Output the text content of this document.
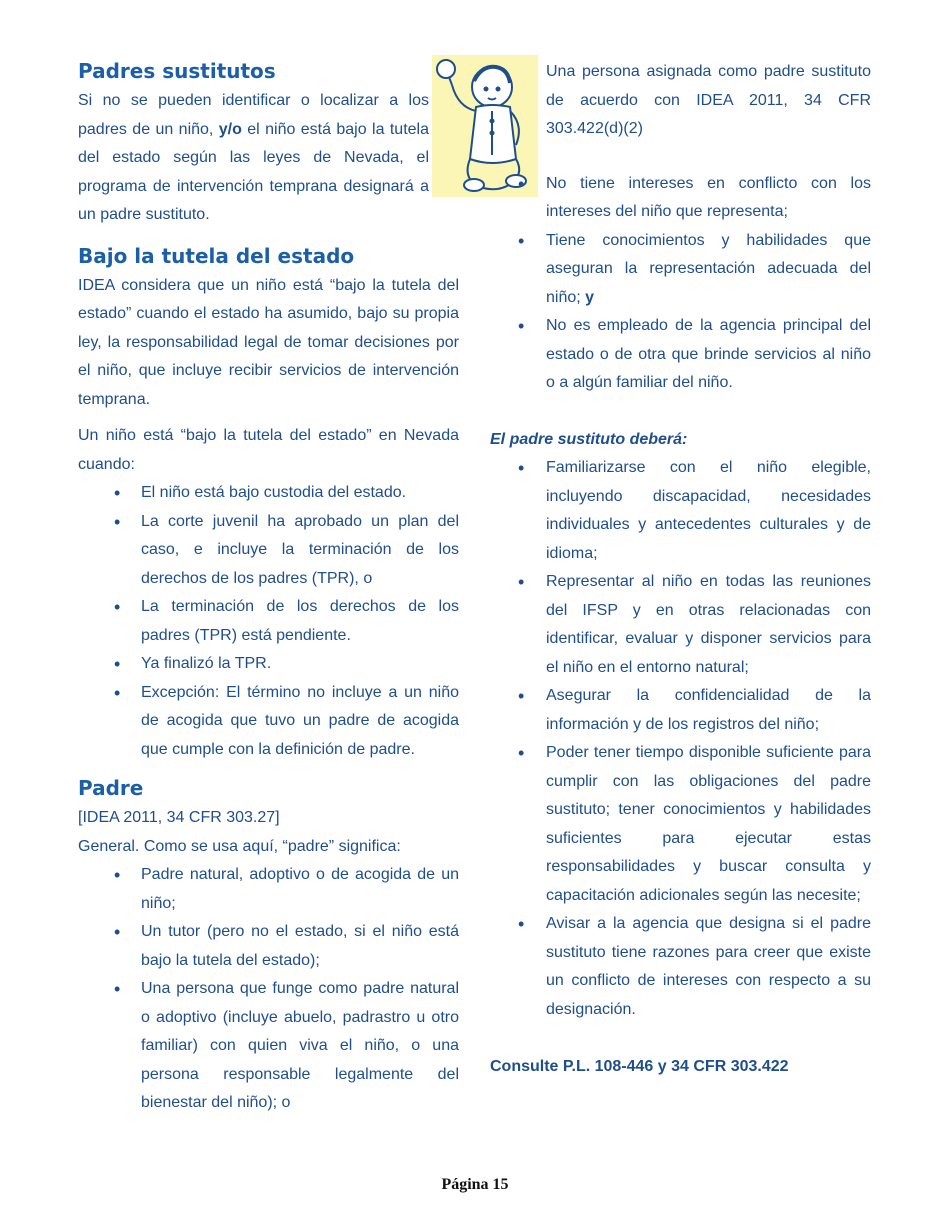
Padres sustitutos

Si no se pueden identificar o localizar a los padres de un niño, y/o el niño está bajo la tutela del estado según las leyes de Nevada, el programa de intervención temprana designará a un padre sustituto.

Bajo la tutela del estado

IDEA considera que un niño está “bajo la tutela del estado” cuando el estado ha asumido, bajo su propia ley, la responsabilidad legal de tomar decisiones por el niño, que incluye recibir servicios de intervención temprana.

Un niño está “bajo la tutela del estado” en Nevada cuando:

• El niño está bajo custodia del estado.
• La corte juvenil ha aprobado un plan del caso, e incluye la terminación de los derechos de los padres (TPR), o
• La terminación de los derechos de los padres (TPR) está pendiente.
• Ya finalizó la TPR.
• Excepción: El término no incluye a un niño de acogida que tuvo un padre de acogida que cumple con la definición de padre.
Padre

[IDEA 2011, 34 CFR 303.27]

General. Como se usa aquí, “padre” significa:

• Padre natural, adoptivo o de acogida de un niño;
• Un tutor (pero no el estado, si el niño está bajo la tutela del estado);
• Una persona que funge como padre natural o adoptivo (incluye abuelo, padrastro u otro familiar) con quien viva el niño, o una persona responsable legalmente del bienestar del niño); o

Una persona asignada como padre sustituto de acuerdo con IDEA 2011, 34 CFR 303.422(d)(2)

• No tiene intereses en conflicto con los intereses del niño que representa;
• Tiene conocimientos y habilidades que aseguran la representación adecuada del niño; y
• No es empleado de la agencia principal del estado o de otra que brinde servicios al niño o a algún familiar del niño.

El padre sustituto deberá:

• Familiarizarse con el niño elegible, incluyendo discapacidad, necesidades individuales y antecedentes culturales y de idioma;
• Representar al niño en todas las reuniones del IFSP y en otras relacionadas con identificar, evaluar y disponer servicios para el niño en el entorno natural;
• Asegurar la confidencialidad de la información y de los registros del niño;
• Poder tener tiempo disponible suficiente para cumplir con las obligaciones del padre sustituto; tener conocimientos y habilidades suficientes para ejecutar estas responsabilidades y buscar consulta y capacitación adicionales según las necesite;
• Avisar a la agencia que designa si el padre sustituto tiene razones para creer que existe un conflicto de intereses con respecto a su designación.

Consulte P.L. 108-446 y 34 CFR 303.422

Página 15
